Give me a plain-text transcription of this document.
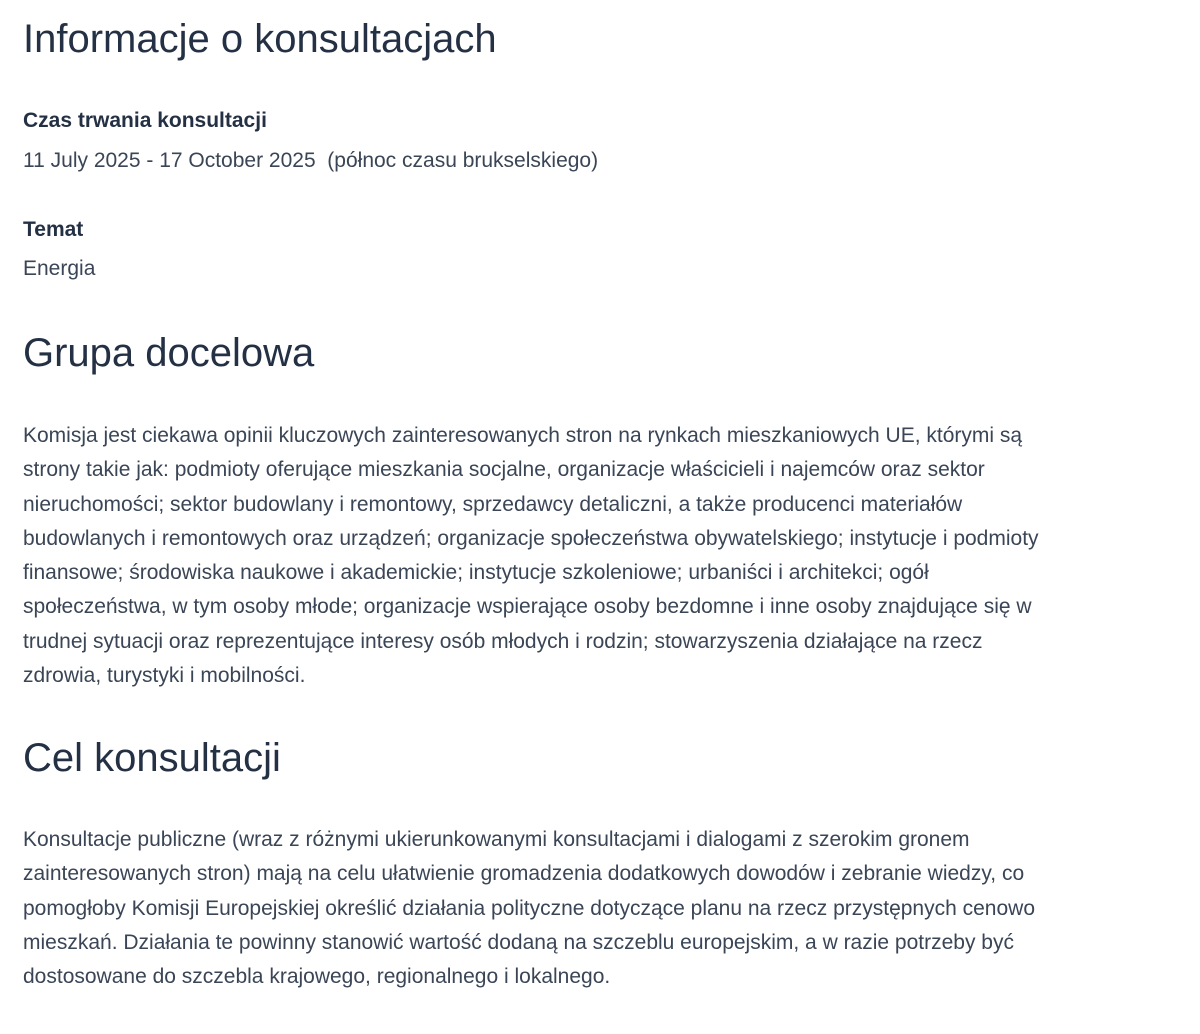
Informacje o konsultacjach
Czas trwania konsultacji
11 July 2025 - 17 October 2025  (północ czasu brukselskiego)
Temat
Energia
Grupa docelowa

Komisja jest ciekawa opinii kluczowych zainteresowanych stron na rynkach mieszkaniowych UE, którymi są strony takie jak: podmioty oferujące mieszkania socjalne, organizacje właścicieli i najemców oraz sektor nieruchomości; sektor budowlany i remontowy, sprzedawcy detaliczni, a także producenci materiałów budowlanych i remontowych oraz urządzeń; organizacje społeczeństwa obywatelskiego; instytucje i podmioty finansowe; środowiska naukowe i akademickie; instytucje szkoleniowe; urbaniści i architekci; ogół społeczeństwa, w tym osoby młode; organizacje wspierające osoby bezdomne i inne osoby znajdujące się w trudnej sytuacji oraz reprezentujące interesy osób młodych i rodzin; stowarzyszenia działające na rzecz zdrowia, turystyki i mobilności.

Cel konsultacji

Konsultacje publiczne (wraz z różnymi ukierunkowanymi konsultacjami i dialogami z szerokim gronem zainteresowanych stron) mają na celu ułatwienie gromadzenia dodatkowych dowodów i zebranie wiedzy, co pomogłoby Komisji Europejskiej określić działania polityczne dotyczące planu na rzecz przystępnych cenowo mieszkań. Działania te powinny stanowić wartość dodaną na szczeblu europejskim, a w razie potrzeby być dostosowane do szczebla krajowego, regionalnego i lokalnego.
